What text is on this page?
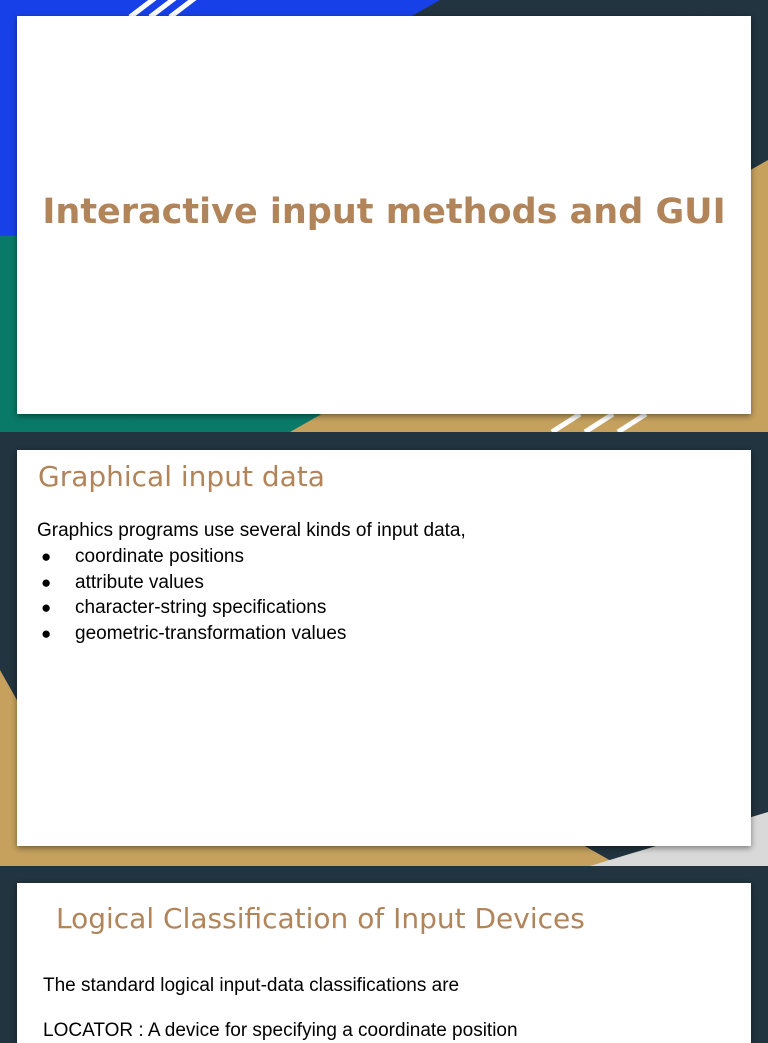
Interactive input methods and GUI
Graphical input data
Graphics programs use several kinds of input data,
● coordinate positions
● attribute values
● character-string specifications
● geometric-transformation values
Logical Classification of Input Devices
The standard logical input-data classifications are
LOCATOR : A device for specifying a coordinate position
